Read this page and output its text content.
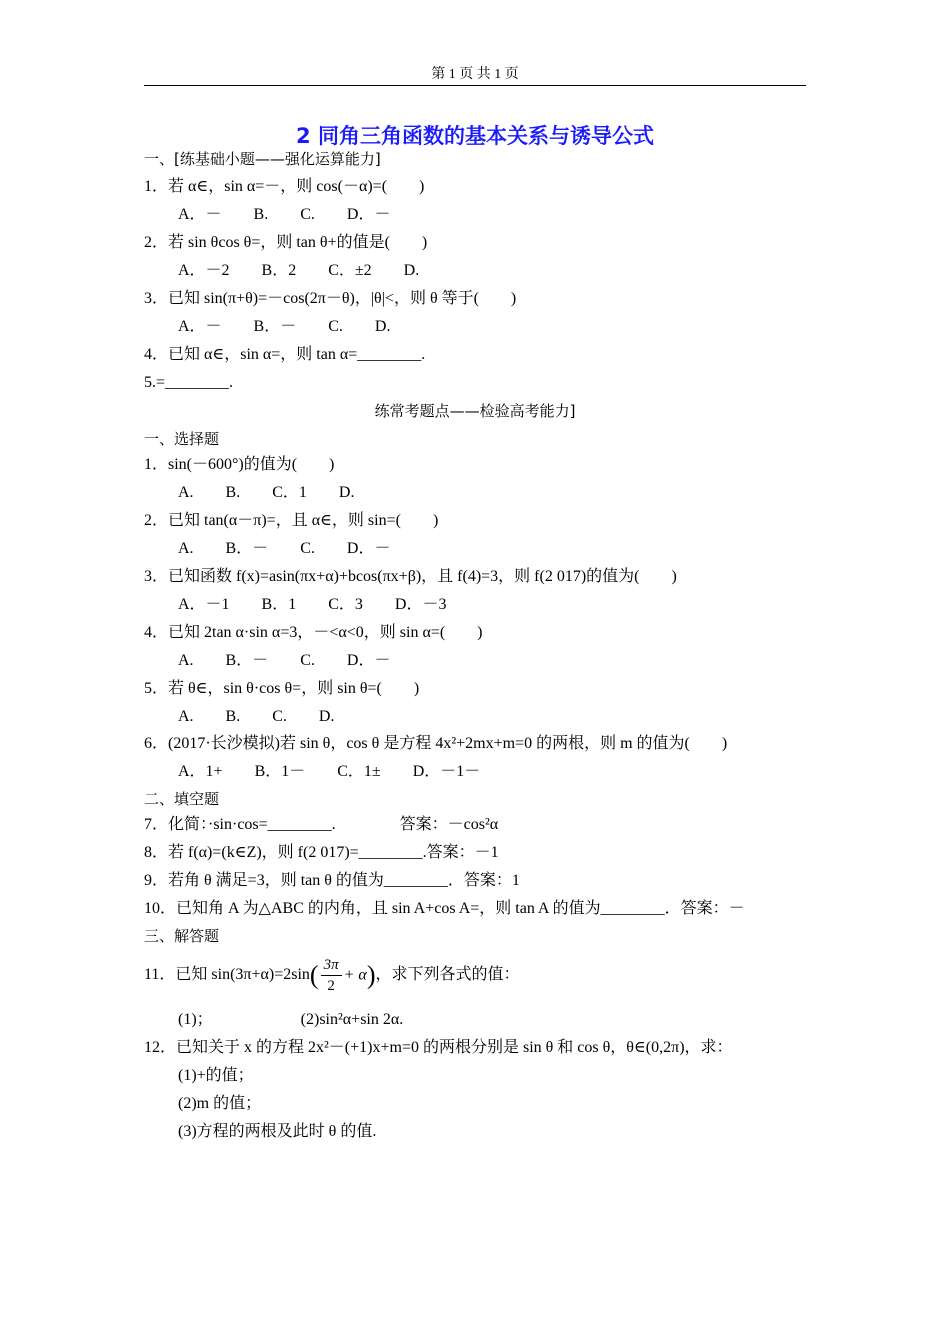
第 1 页 共 1 页
2 同角三角函数的基本关系与诱导公式
一、[练基础小题——强化运算能力]
1．若 α∈，sin α=－，则 cos(－α)=(　　)
A．－　　B.　　C.　　D．－
2．若 sin θcos θ=，则 tan θ+的值是(　　)
A．－2　　B．2　　C．±2　　D.
3．已知 sin(π+θ)=－cos(2π－θ)，|θ|<，则 θ 等于(　　)
A．－　　B．－　　C.　　D.
4．已知 α∈，sin α=，则 tan α=________.
5.=________.
练常考题点——检验高考能力]
一、选择题
1．sin(－600°)的值为(　　)
A.　　B.　　C．1　　D.
2．已知 tan(α－π)=，且 α∈，则 sin=(　　)
A.　　B．－　　C.　　D．－
3．已知函数 f(x)=asin(πx+α)+bcos(πx+β)，且 f(4)=3，则 f(2 017)的值为(　　)
A．－1　　B．1　　C．3　　D．－3
4．已知 2tan α·sin α=3，－<α<0，则 sin α=(　　)
A.　　B．－　　C.　　D．－
5．若 θ∈，sin θ·cos θ=，则 sin θ=(　　)
A.　　B.　　C.　　D.
6．(2017·长沙模拟)若 sin θ，cos θ 是方程 4x²+2mx+m=0 的两根，则 m 的值为(　　)
A．1+　　B．1－　　C．1±　　D．－1－
二、填空题
7．化简：·sin·cos=________.　　　　答案：－cos²α
8．若 f(α)=(k∈Z)，则 f(2 017)=________.答案：－1
9．若角 θ 满足=3，则 tan θ 的值为________．答案：1
10．已知角 A 为△ABC 的内角，且 sin A+cos A=，则 tan A 的值为________．答案：－
三、解答题
11．已知 $\sin(3\pi+\alpha)=2\sin( \frac{3\pi}{2} + \alpha)$，求下列各式的值：
(1)；　　　　　　(2)sin²α+sin 2α.
12．已知关于 x 的方程 2x²－(+1)x+m=0 的两根分别是 sin θ 和 cos θ，θ∈(0,2π)，求：
(1)+的值；
(2)m 的值；
(3)方程的两根及此时 θ 的值.
